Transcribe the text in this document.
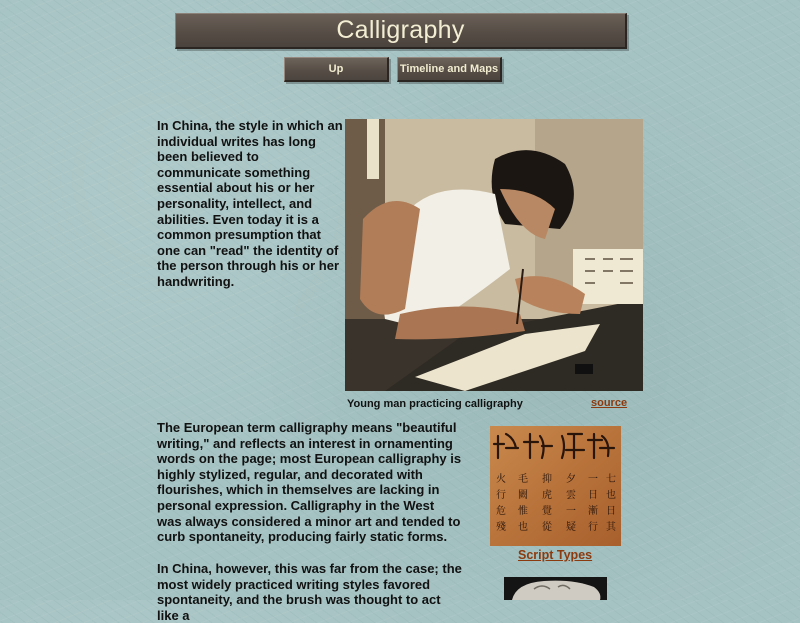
Calligraphy
Up	Timeline and Maps

In China, the style in which an individual writes has long been believed to communicate something essential about his or her personality, intellect, and abilities. Even today it is a common presumption that one can "read" the identity of the person through his or her handwriting.

Young man practicing calligraphy	source

The European term calligraphy means "beautiful writing," and reflects an interest in ornamenting words on the page; most European calligraphy is highly stylized, regular, and decorated with flourishes, which in themselves are lacking in personal expression. Calligraphy in the West was always considered a minor art and tended to curb spontaneity, producing fairly static forms.

火
行
危
殘
毛
闕
惟
也
抑
虎
覺
從
夕
雲
一
疑
一
日
漸
行
七
也
日
其
Script Types

In China, however, this was far from the case; the most widely practiced writing styles favored spontaneity, and the brush was thought to act like a
